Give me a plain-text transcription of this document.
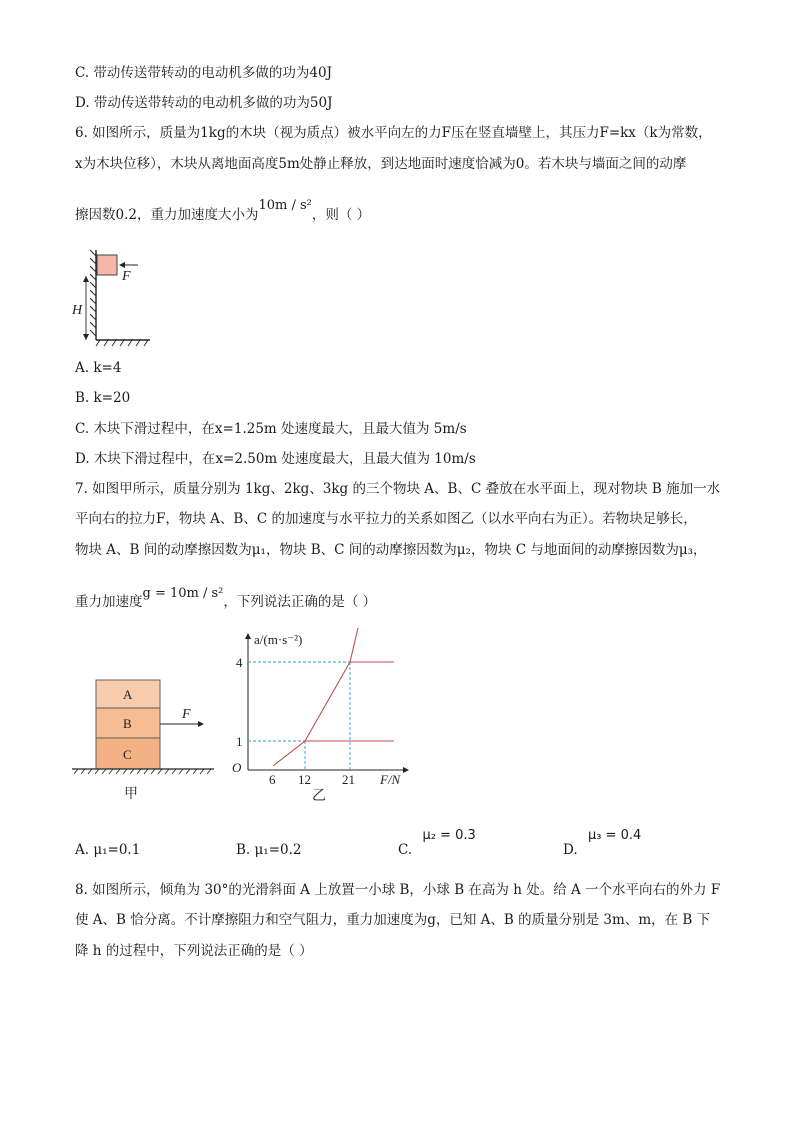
C. 带动传送带转动的电动机多做的功为40J
D. 带动传送带转动的电动机多做的功为50J
6. 如图所示，质量为1kg的木块（视为质点）被水平向左的力F压在竖直墙壁上，其压力F=kx（k为常数，
x为木块位移），木块从离地面高度5m处静止释放，到达地面时速度恰减为0。若木块与墙面之间的动摩
擦因数0.2，重力加速度大小为10m / s²，则（ ）
F
H
A. k=4
B. k=20
C. 木块下滑过程中，在x=1.25m 处速度最大，且最大值为 5m/s
D. 木块下滑过程中，在x=2.50m 处速度最大，且最大值为 10m/s
7. 如图甲所示，质量分别为 1kg、2kg、3kg 的三个物块 A、B、C 叠放在水平面上，现对物块 B 施加一水
平向右的拉力F，物块 A、B、C 的加速度与水平拉力的关系如图乙（以水平向右为正）。若物块足够长，
物块 A、B 间的动摩擦因数为μ₁，物块 B、C 间的动摩擦因数为μ₂，物块 C 与地面间的动摩擦因数为μ₃，
重力加速度g = 10m / s²，下列说法正确的是（ ）
A
B
C
F
甲
a/(m·s⁻²)
4
1
O
6 12 21 F/N
乙
A. μ₁=0.1	B. μ₁=0.2	C. μ₂ = 0.3
D. μ₃ = 0.4
8. 如图所示，倾角为 30°的光滑斜面 A 上放置一小球 B，小球 B 在高为 h 处。给 A 一个水平向右的外力 F
使 A、B 恰分离。不计摩擦阻力和空气阻力，重力加速度为g，已知 A、B 的质量分别是 3m、m，在 B 下
降 h 的过程中，下列说法正确的是（ ）
